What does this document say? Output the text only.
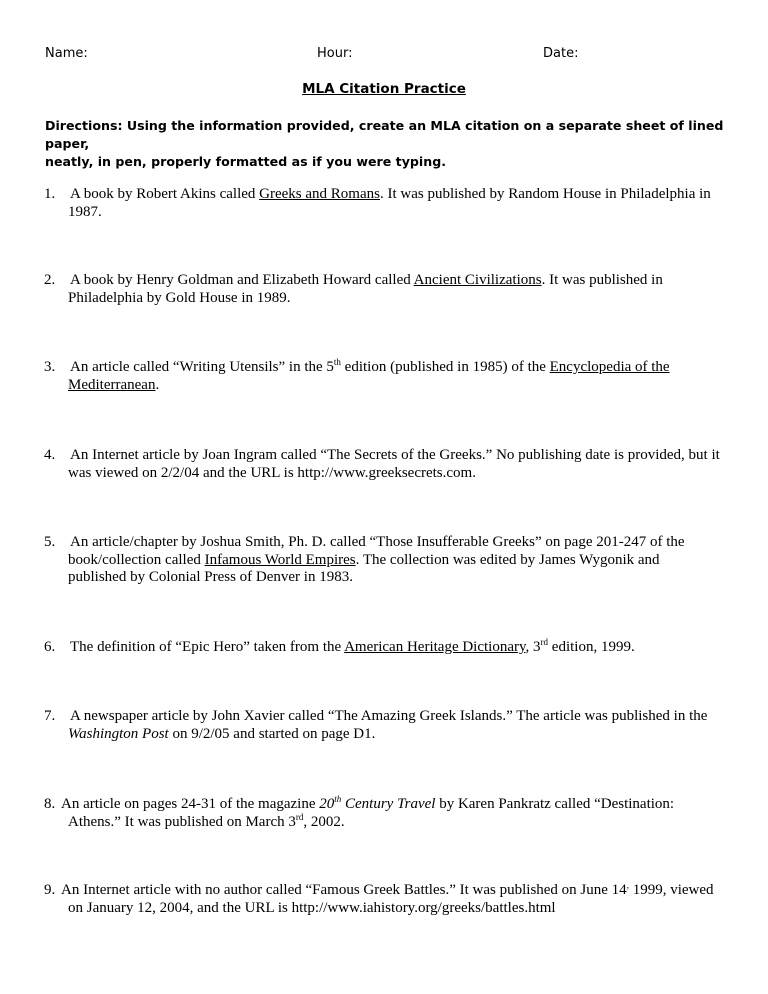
Name:	Hour:	Date:
MLA Citation Practice
Directions: Using the information provided, create an MLA citation on a separate sheet of lined paper,
neatly, in pen, properly formatted as if you were typing.
1. A book by Robert Akins called Greeks and Romans. It was published by Random House in Philadelphia in
1987.
2. A book by Henry Goldman and Elizabeth Howard called Ancient Civilizations. It was published in
Philadelphia by Gold House in 1989.
3. An article called “Writing Utensils” in the 5th edition (published in 1985) of the Encyclopedia of the
Mediterranean.
4. An Internet article by Joan Ingram called “The Secrets of the Greeks.” No publishing date is provided, but it
was viewed on 2/2/04 and the URL is http://www.greeksecrets.com.
5. An article/chapter by Joshua Smith, Ph. D. called “Those Insufferable Greeks” on page 201-247 of the
book/collection called Infamous World Empires. The collection was edited by James Wygonik and
published by Colonial Press of Denver in 1983.
6. The definition of “Epic Hero” taken from the American Heritage Dictionary, 3rd edition, 1999.
7. A newspaper article by John Xavier called “The Amazing Greek Islands.” The article was published in the
Washington Post on 9/2/05 and started on page D1.
8. An article on pages 24-31 of the magazine 20th Century Travel by Karen Pankratz called “Destination:
Athens.” It was published on March 3rd, 2002.
9. An Internet article with no author called “Famous Greek Battles.” It was published on June 14, 1999, viewed
on January 12, 2004, and the URL is http://www.iahistory.org/greeks/battles.html
